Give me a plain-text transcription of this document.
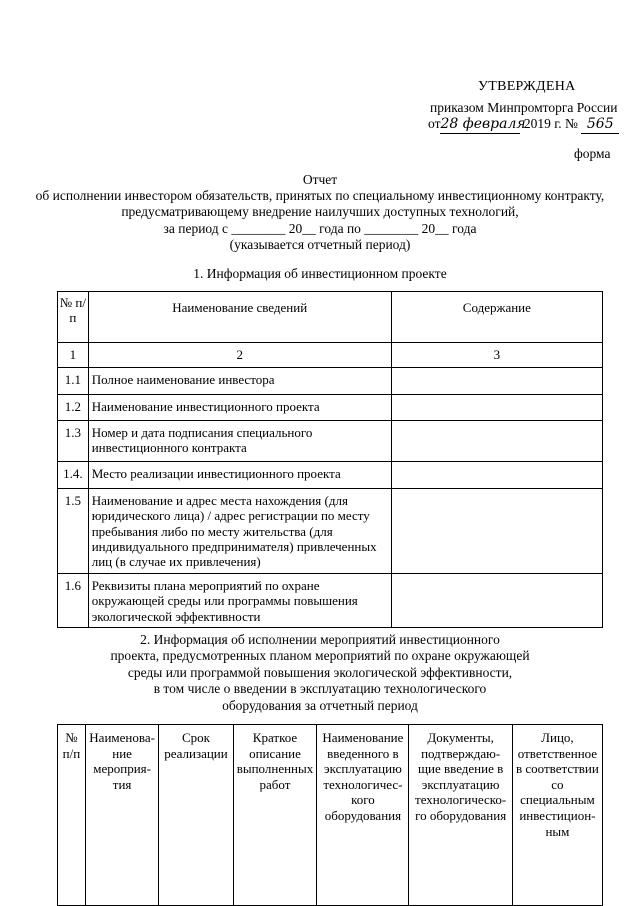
УТВЕРЖДЕНА
приказом Минпромторга России
от28 февраля 2019 г. № 565
форма
Отчет
об исполнении инвестором обязательств, принятых по специальному инвестиционному контракту,
предусматривающему внедрение наилучших доступных технологий,
за период с ________ 20__ года по ________ 20__ года
(указывается отчетный период)
1. Информация об инвестиционном проекте
№ п/п	Наименование сведений	Содержание
1	2	3
1.1	Полное наименование инвестора	
1.2	Наименование инвестиционного проекта	
1.3	Номер и дата подписания специального инвестиционного контракта	
1.4.	Место реализации инвестиционного проекта	
1.5	Наименование и адрес места нахождения (для юридического лица) / адрес регистрации по месту пребывания либо по месту жительства (для индивидуального предпринимателя) привлеченных лиц (в случае их привлечения)	
1.6	Реквизиты плана мероприятий по охране окружающей среды или программы повышения экологической эффективности	
2. Информация об исполнении мероприятий инвестиционного
проекта, предусмотренных планом мероприятий по охране окружающей
среды или программой повышения экологической эффективности,
в том числе о введении в эксплуатацию технологического
оборудования за отчетный период
№ п/п	Наименова-ние мероприя-тия	Срок реализации	Краткое описание выполненных работ	Наименование введенного в эксплуатацию технологичес-кого оборудования	Документы, подтверждаю-щие введение в эксплуатацию технологическо-го оборудования	Лицо, ответственное в соответствии со специальным инвестицион-ным
